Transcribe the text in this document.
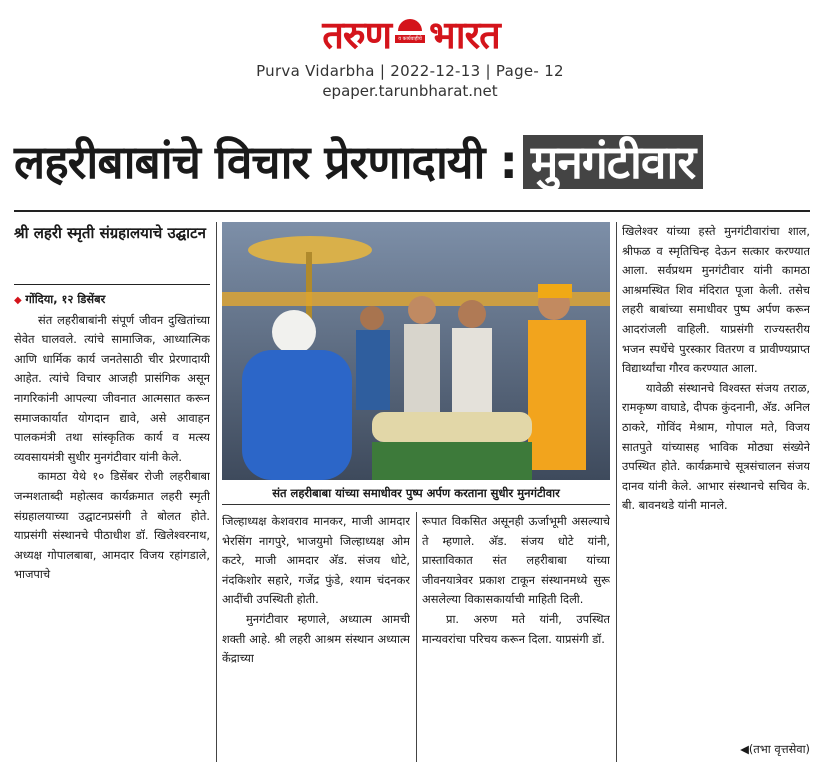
तरुण	व कार्यवाहीचे मुखपत्र भारत
Purva Vidarbha | 2022-12-13 | Page- 12
epaper.tarunbharat.net
लहरीबाबांचे विचार प्रेरणादायी : मुनगंटीवार
श्री लहरी स्मृती संग्रहालयाचे उद्घाटन

◆ गोंदिया, १२ डिसेंबर

संत लहरीबाबांनी संपूर्ण जीवन दुखितांच्या सेवेत घालवले. त्यांचे सामाजिक, आध्यात्मिक आणि धार्मिक कार्य जनतेसाठी चीर प्रेरणादायी आहेत. त्यांचे विचार आजही प्रासंगिक असून नागरिकांनी आपल्या जीवनात आत्मसात करून समाजकार्यात योगदान द्यावे, असे आवाहन पालकमंत्री तथा सांस्कृतिक कार्य व मत्स्य व्यवसायमंत्री सुधीर मुनगंटीवार यांनी केले.

कामठा येथे १० डिसेंबर रोजी लहरीबाबा जन्मशताब्दी महोत्सव कार्यक्रमात लहरी स्मृती संग्रहालयाच्या उद्घाटनप्रसंगी ते बोलत होते. याप्रसंगी संस्थानचे पीठाधीश डॉ. खिलेश्वरनाथ, अध्यक्ष गोपालबाबा, आमदार विजय रहांगडाले, भाजपाचे

संत लहरीबाबा यांच्या समाधीवर पुष्प अर्पण करताना सुधीर मुनगंटीवार

जिल्हाध्यक्ष केशवराव मानकर, माजी आमदार भेरसिंग नागपुरे, भाजयुमो जिल्हाध्यक्ष ओम कटरे, माजी आमदार अ‍ॅड. संजय धोटे, नंदकिशोर सहारे, गजेंद्र फुंडे, श्याम चंदनकर आदींची उपस्थिती होती.

मुनगंटीवार म्हणाले, अध्यात्म आमची शक्ती आहे. श्री लहरी आश्रम संस्थान अध्यात्म केंद्राच्या

रूपात विकसित असूनही ऊर्जाभूमी असल्याचे ते म्हणाले. अ‍ॅड. संजय धोटे यांनी, प्रास्ताविकात संत लहरीबाबा यांच्या जीवनयात्रेवर प्रकाश टाकून संस्थानमध्ये सुरू असलेल्या विकासकार्याची माहिती दिली.

प्रा. अरुण मते यांनी, उपस्थित मान्यवरांचा परिचय करून दिला. याप्रसंगी डॉ.

खिलेश्वर यांच्या हस्ते मुनगंटीवारांचा शाल, श्रीफळ व स्मृतिचिन्ह देऊन सत्कार करण्यात आला. सर्वप्रथम मुनगंटीवार यांनी कामठा आश्रमस्थित शिव मंदिरात पूजा केली. तसेच लहरी बाबांच्या समाधीवर पुष्प अर्पण करून आदरांजली वाहिली. याप्रसंगी राज्यस्तरीय भजन स्पर्धेचे पुरस्कार वितरण व प्रावीण्यप्राप्त विद्यार्थ्यांचा गौरव करण्यात आला.

यावेळी संस्थानचे विश्वस्त संजय तराळ, रामकृष्ण वाघाडे, दीपक कुंदनानी, अ‍ॅड. अनिल ठाकरे, गोविंद मेश्राम, गोपाल मते, विजय सातपुते यांच्यासह भाविक मोठ्या संख्येने उपस्थित होते. कार्यक्रमाचे सूत्रसंचालन संजय दानव यांनी केले. आभार संस्थानचे सचिव के. बी. बावनथडे यांनी मानले.

◀(तभा वृत्तसेवा)
